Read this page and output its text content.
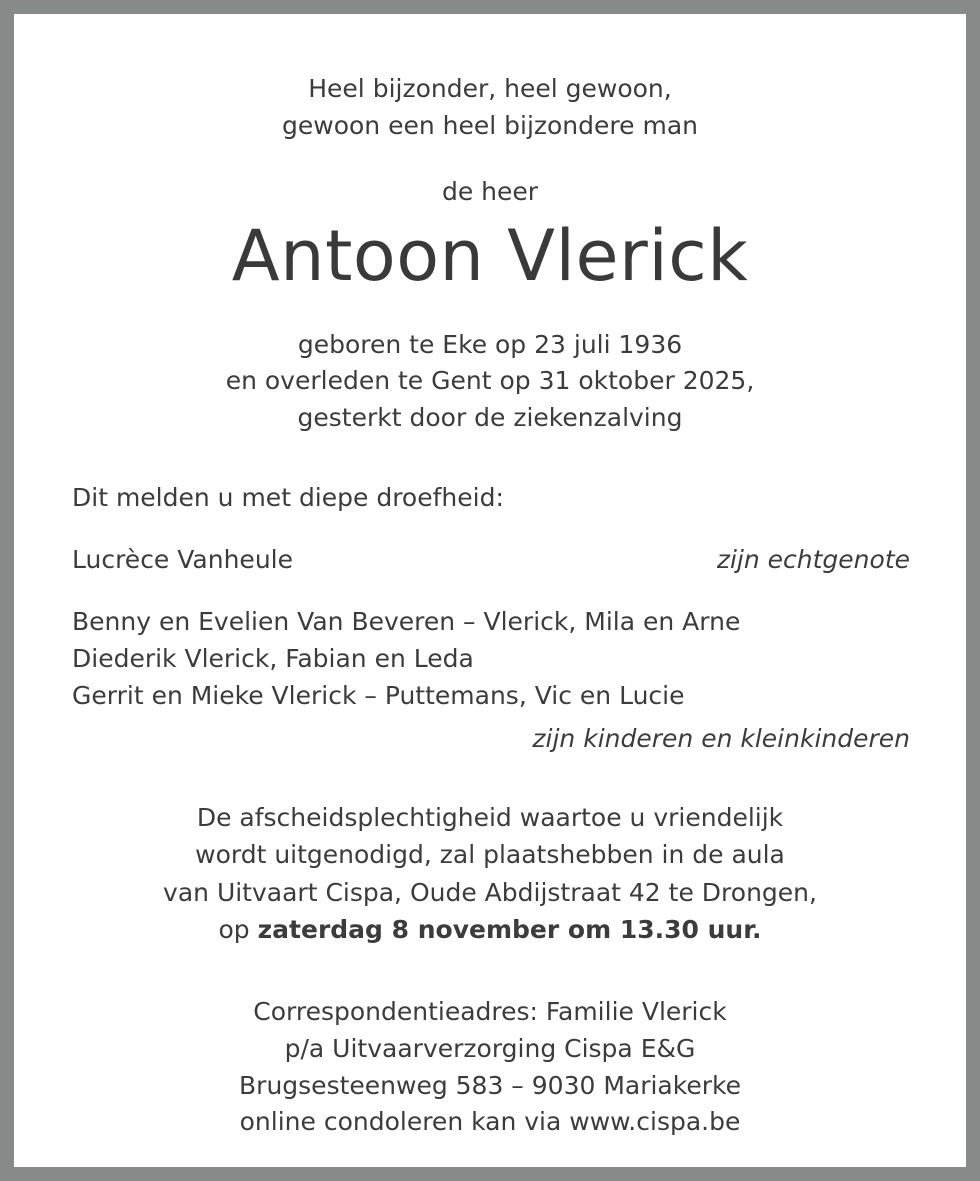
Heel bijzonder, heel gewoon,

gewoon een heel bijzondere man

de heer

Antoon Vlerick

geboren te Eke op 23 juli 1936

en overleden te Gent op 31 oktober 2025,

gesterkt door de ziekenzalving

Dit melden u met diepe droefheid:

Lucrèce Vanheule	zijn echtgenote

Benny en Evelien Van Beveren – Vlerick, Mila en Arne

Diederik Vlerick, Fabian en Leda

Gerrit en Mieke Vlerick – Puttemans, Vic en Lucie

zijn kinderen en kleinkinderen

De afscheidsplechtigheid waartoe u vriendelijk

wordt uitgenodigd, zal plaatshebben in de aula

van Uitvaart Cispa, Oude Abdijstraat 42 te Drongen,

op zaterdag 8 november om 13.30 uur.

Correspondentieadres: Familie Vlerick

p/a Uitvaarverzorging Cispa E&G

Brugsesteenweg 583 – 9030 Mariakerke

online condoleren kan via www.cispa.be
